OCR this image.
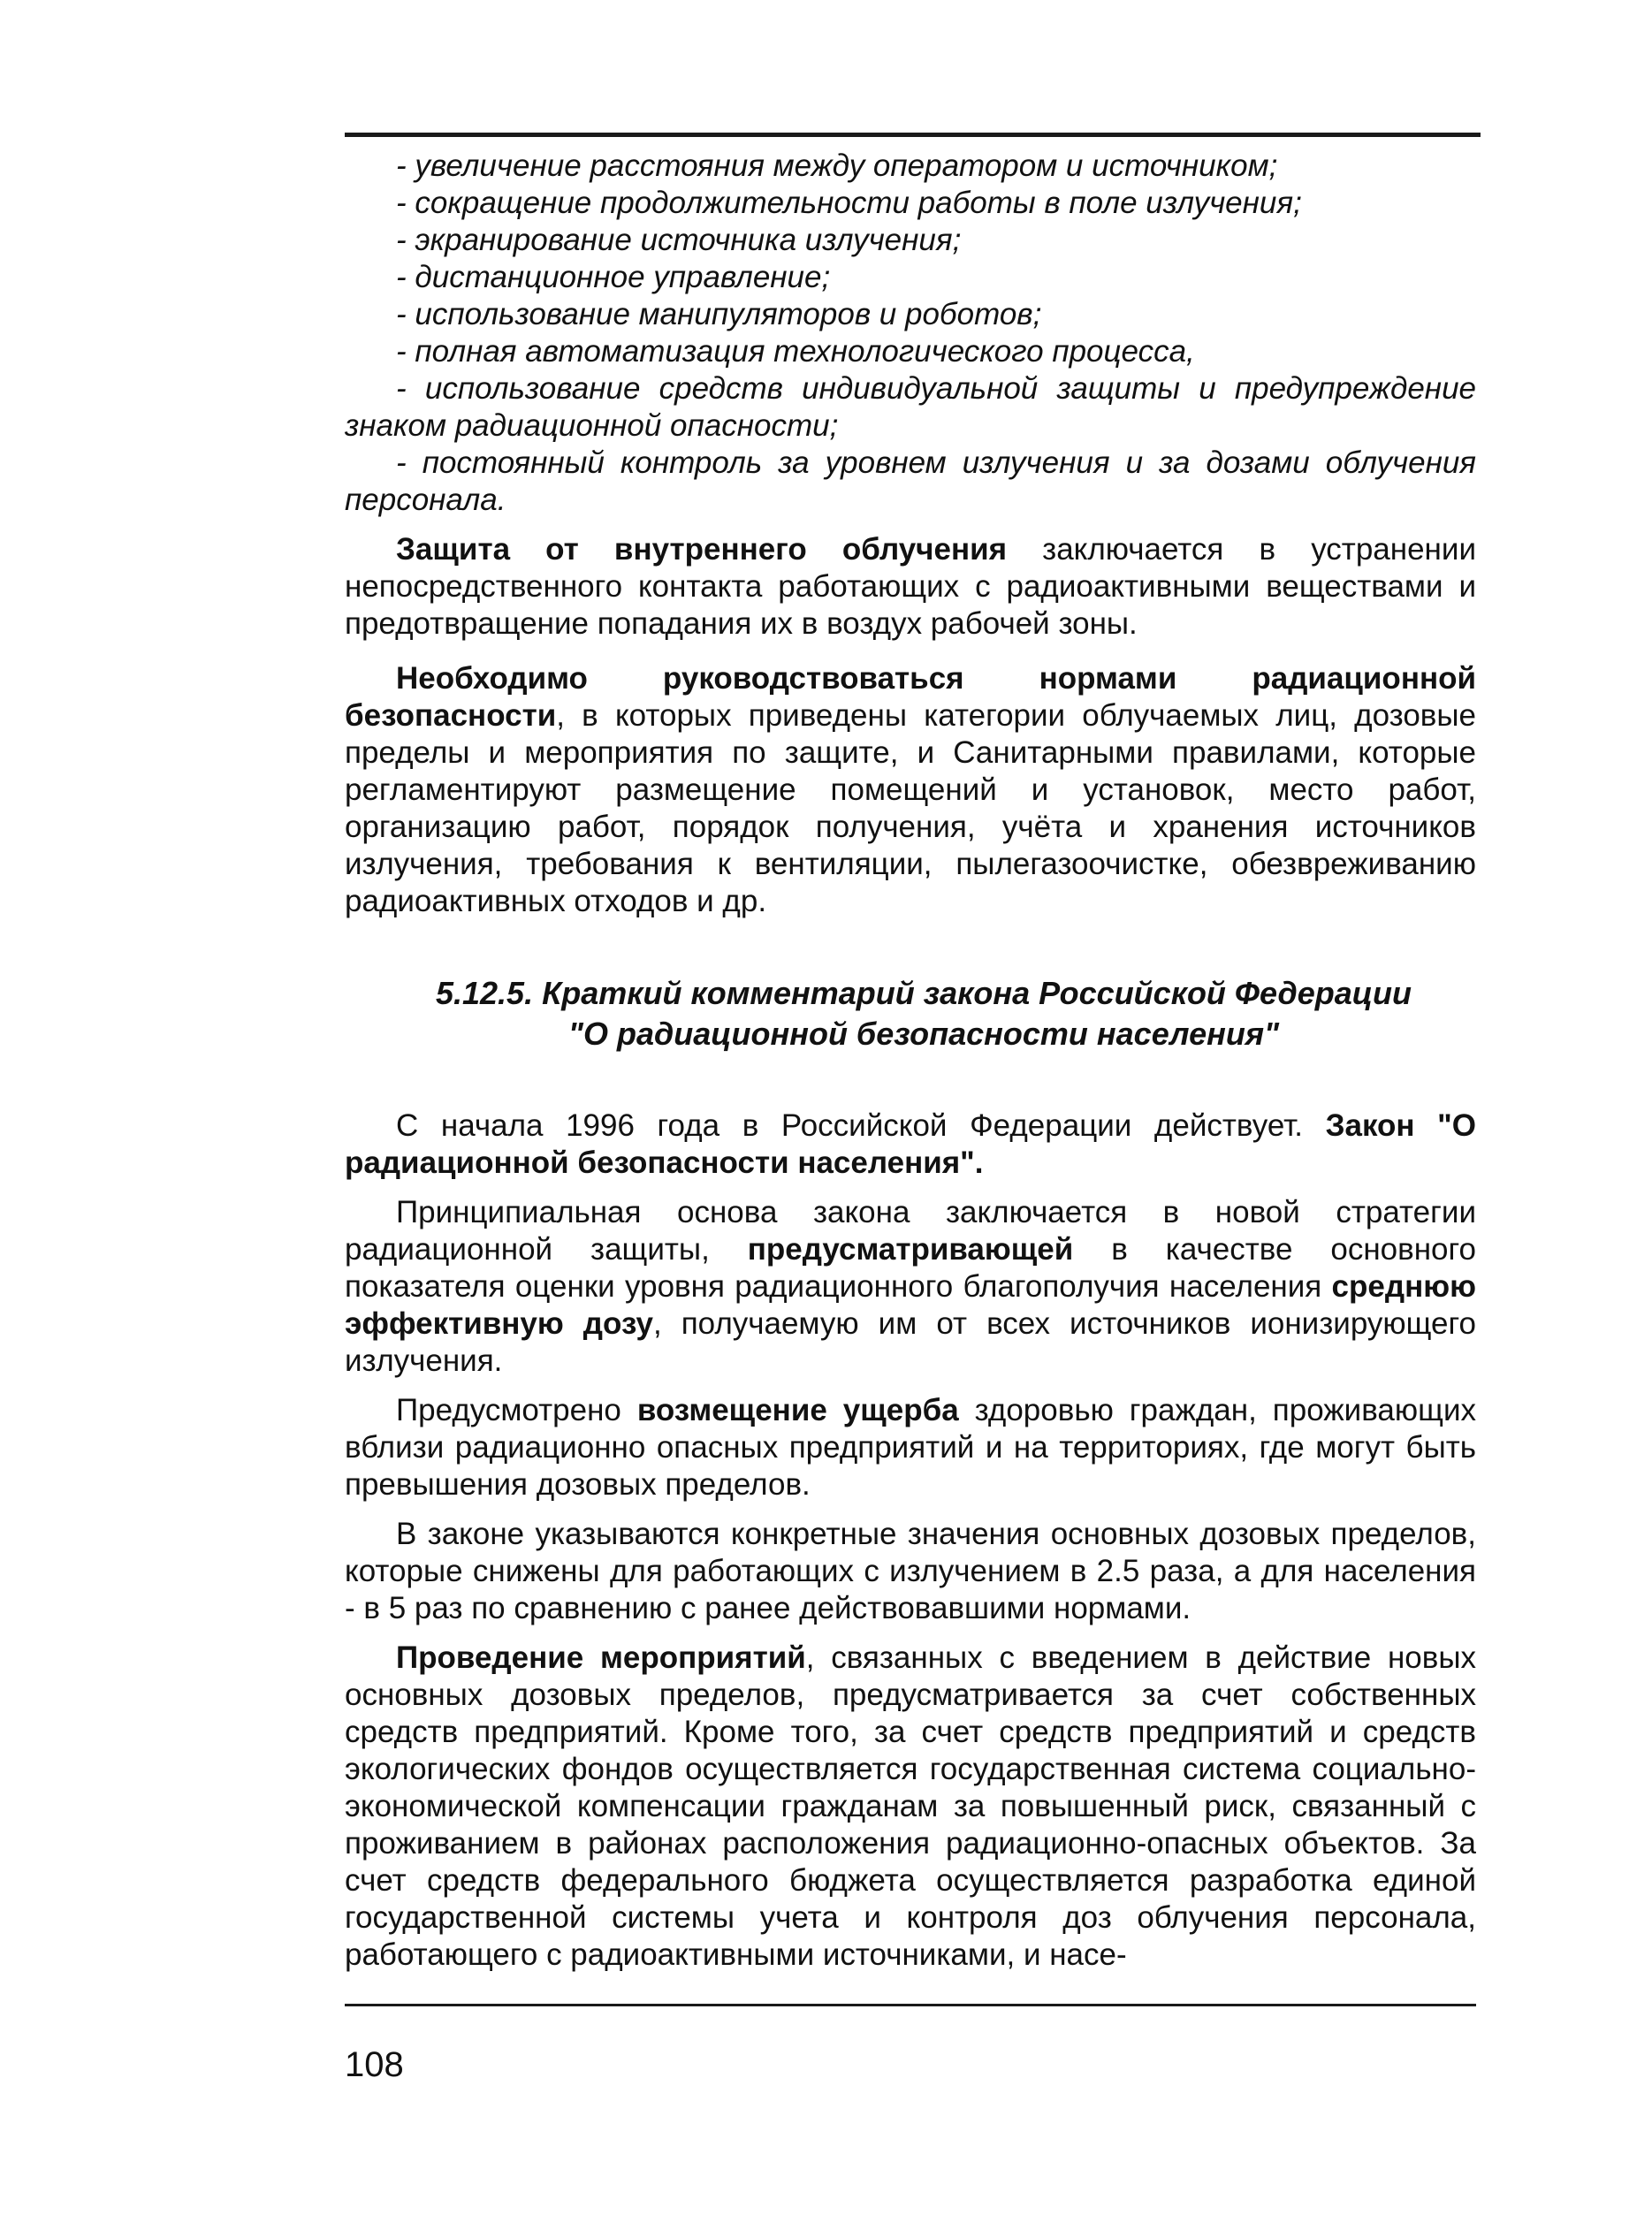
- увеличение расстояния между оператором и источником;

- сокращение продолжительности работы в поле излучения;

- экранирование источника излучения;

- дистанционное управление;

- использование манипуляторов и роботов;

- полная автоматизация технологического процесса,

- использование средств индивидуальной защиты и предупреждение знаком радиационной опасности;

- постоянный контроль за уровнем излучения и за дозами облучения персонала.

Защита от внутреннего облучения заключается в устранении непосредственного контакта работающих с радиоактивными веществами и предотвращение попадания их в воздух рабочей зоны.

Необходимо руководствоваться нормами радиационной безопасности, в которых приведены категории облучаемых лиц, дозовые пределы и мероприятия по защите, и Санитарными правилами, которые регламентируют размещение помещений и установок, место работ, организацию работ, порядок получения, учёта и хранения источников излучения, требования к вентиляции, пылегазоочистке, обезвреживанию радиоактивных отходов и др.

5.12.5. Краткий комментарий закона Российской Федерации
"О радиационной безопасности населения"

С начала 1996 года в Российской Федерации действует. Закон "О радиационной безопасности населения".

Принципиальная основа закона заключается в новой стратегии радиационной защиты, предусматривающей в качестве основного показателя оценки уровня радиационного благополучия населения среднюю эффективную дозу, получаемую им от всех источников ионизирующего излучения.

Предусмотрено возмещение ущерба здоровью граждан, проживающих вблизи радиационно опасных предприятий и на территориях, где могут быть превышения дозовых пределов.

В законе указываются конкретные значения основных дозовых пределов, которые снижены для работающих с излучением в 2.5 раза, а для населения - в 5 раз по сравнению с ранее действовавшими нормами.

Проведение мероприятий, связанных с введением в действие новых основных дозовых пределов, предусматривается за счет собственных средств предприятий. Кроме того, за счет средств предприятий и средств экологических фондов осуществляется государственная система социально-экономической компенсации гражданам за повышенный риск, связанный с проживанием в районах расположения радиационно-опасных объектов. За счет средств федерального бюджета осуществляется разработка единой государственной системы учета и контроля доз облучения персонала, работающего с радиоактивными источниками, и насе-

108
